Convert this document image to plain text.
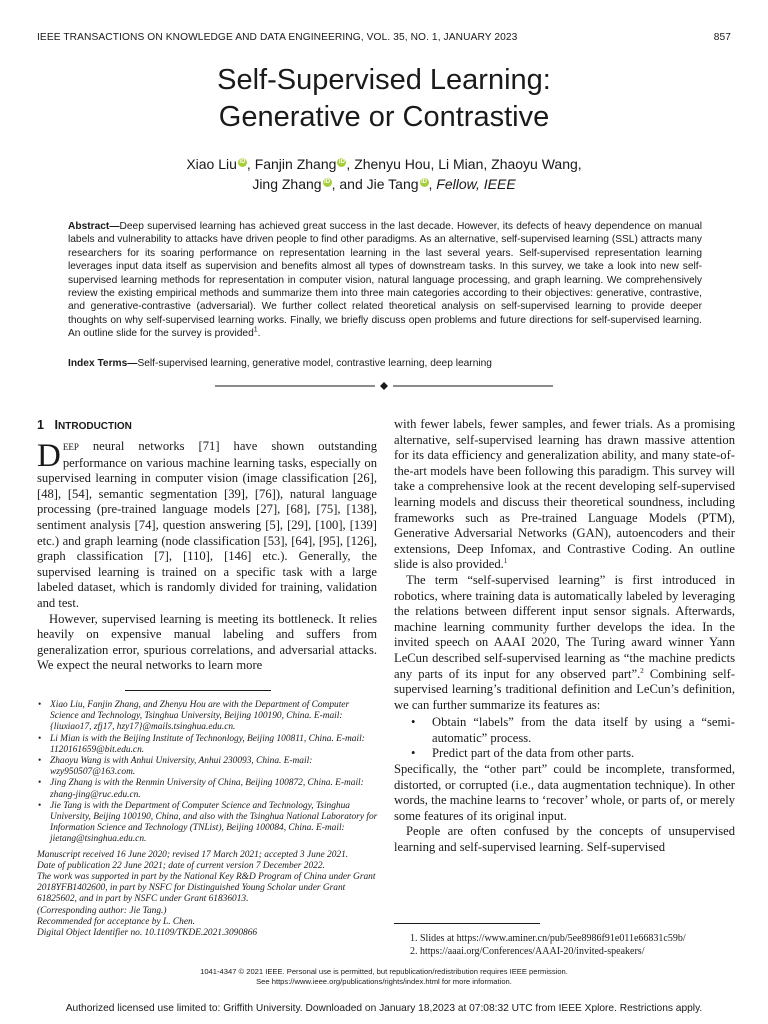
IEEE TRANSACTIONS ON KNOWLEDGE AND DATA ENGINEERING, VOL. 35, NO. 1, JANUARY 2023	857
Self-Supervised Learning:
Generative or Contrastive
Xiao Liu iD , Fanjin Zhang iD , Zhenyu Hou, Li Mian, Zhaoyu Wang,
Jing Zhang iD , and Jie Tang iD , Fellow, IEEE
Abstract—Deep supervised learning has achieved great success in the last decade. However, its defects of heavy dependence on manual labels and vulnerability to attacks have driven people to find other paradigms. As an alternative, self-supervised learning (SSL) attracts many researchers for its soaring performance on representation learning in the last several years. Self-supervised representation learning leverages input data itself as supervision and benefits almost all types of downstream tasks. In this survey, we take a look into new self-supervised learning methods for representation in computer vision, natural language processing, and graph learning. We comprehensively review the existing empirical methods and summarize them into three main categories according to their objectives: generative, contrastive, and generative-contrastive (adversarial). We further collect related theoretical analysis on self-supervised learning to provide deeper thoughts on why self-supervised learning works. Finally, we briefly discuss open problems and future directions for self-supervised learning. An outline slide for the survey is provided$^1$.
Index Terms—Self-supervised learning, generative model, contrastive learning, deep learning
1 INTRODUCTION

DEEP neural networks [71] have shown outstanding performance on various machine learning tasks, especially on supervised learning in computer vision (image classification [26], [48], [54], semantic segmentation [39], [76]), natural language processing (pre-trained language models [27], [68], [75], [138], sentiment analysis [74], question answering [5], [29], [100], [139] etc.) and graph learning (node classification [53], [64], [95], [126], graph classification [7], [110], [146] etc.). Generally, the supervised learning is trained on a specific task with a large labeled dataset, which is randomly divided for training, validation and test.

However, supervised learning is meeting its bottleneck. It relies heavily on expensive manual labeling and suffers from generalization error, spurious correlations, and adversarial attacks. We expect the neural networks to learn more

• Xiao Liu, Fanjin Zhang, and Zhenyu Hou are with the Department of Computer Science and Technology, Tsinghua University, Beijing 100190, China. E-mail: {liuxiao17, zfj17, hzy17}@mails.tsinghua.edu.cn.
• Li Mian is with the Beijing Institute of Technonlogy, Beijing 100811, China. E-mail: 1120161659@bit.edu.cn.
• Zhaoyu Wang is with Anhui University, Anhui 230093, China. E-mail: wzy950507@163.com.
• Jing Zhang is with the Renmin University of China, Beijing 100872, China. E-mail: zhang-jing@ruc.edu.cn.
• Jie Tang is with the Department of Computer Science and Technology, Tsinghua University, Beijing 100190, China, and also with the Tsinghua National Laboratory for Information Science and Technology (TNList), Beijing 100084, China. E-mail: jietang@tsinghua.edu.cn.
Manuscript received 16 June 2020; revised 17 March 2021; accepted 3 June 2021.
Date of publication 22 June 2021; date of current version 7 December 2022.
The work was supported in part by the National Key R&D Program of China under Grant 2018YFB1402600, in part by NSFC for Distinguished Young Scholar under Grant 61825602, and in part by NSFC under Grant 61836013.
(Corresponding author: Jie Tang.)
Recommended for acceptance by L. Chen.
Digital Object Identifier no. 10.1109/TKDE.2021.3090866

with fewer labels, fewer samples, and fewer trials. As a promising alternative, self-supervised learning has drawn massive attention for its data efficiency and generalization ability, and many state-of-the-art models have been following this paradigm. This survey will take a comprehensive look at the recent developing self-supervised learning models and discuss their theoretical soundness, including frameworks such as Pre-trained Language Models (PTM), Generative Adversarial Networks (GAN), autoencoders and their extensions, Deep Infomax, and Contrastive Coding. An outline slide is also provided.$^1$

The term “self-supervised learning” is first introduced in robotics, where training data is automatically labeled by leveraging the relations between different input sensor signals. Afterwards, machine learning community further develops the idea. In the invited speech on AAAI 2020, The Turing award winner Yann LeCun described self-supervised learning as “the machine predicts any parts of its input for any observed part”.$^2$ Combining self-supervised learning’s traditional definition and LeCun’s definition, we can further summarize its features as:

• Obtain “labels” from the data itself by using a “semi-automatic” process.
• Predict part of the data from other parts.

Specifically, the “other part” could be incomplete, transformed, distorted, or corrupted (i.e., data augmentation technique). In other words, the machine learns to ‘recover’ whole, or parts of, or merely some features of its original input.

People are often confused by the concepts of unsupervised learning and self-supervised learning. Self-supervised

1. Slides at https://www.aminer.cn/pub/5ee8986f91e011e66831c59b/
2. https://aaai.org/Conferences/AAAI-20/invited-speakers/
1041-4347 © 2021 IEEE. Personal use is permitted, but republication/redistribution requires IEEE permission.
See https://www.ieee.org/publications/rights/index.html for more information.
Authorized licensed use limited to: Griffith University. Downloaded on January 18,2023 at 07:08:32 UTC from IEEE Xplore. Restrictions apply.
